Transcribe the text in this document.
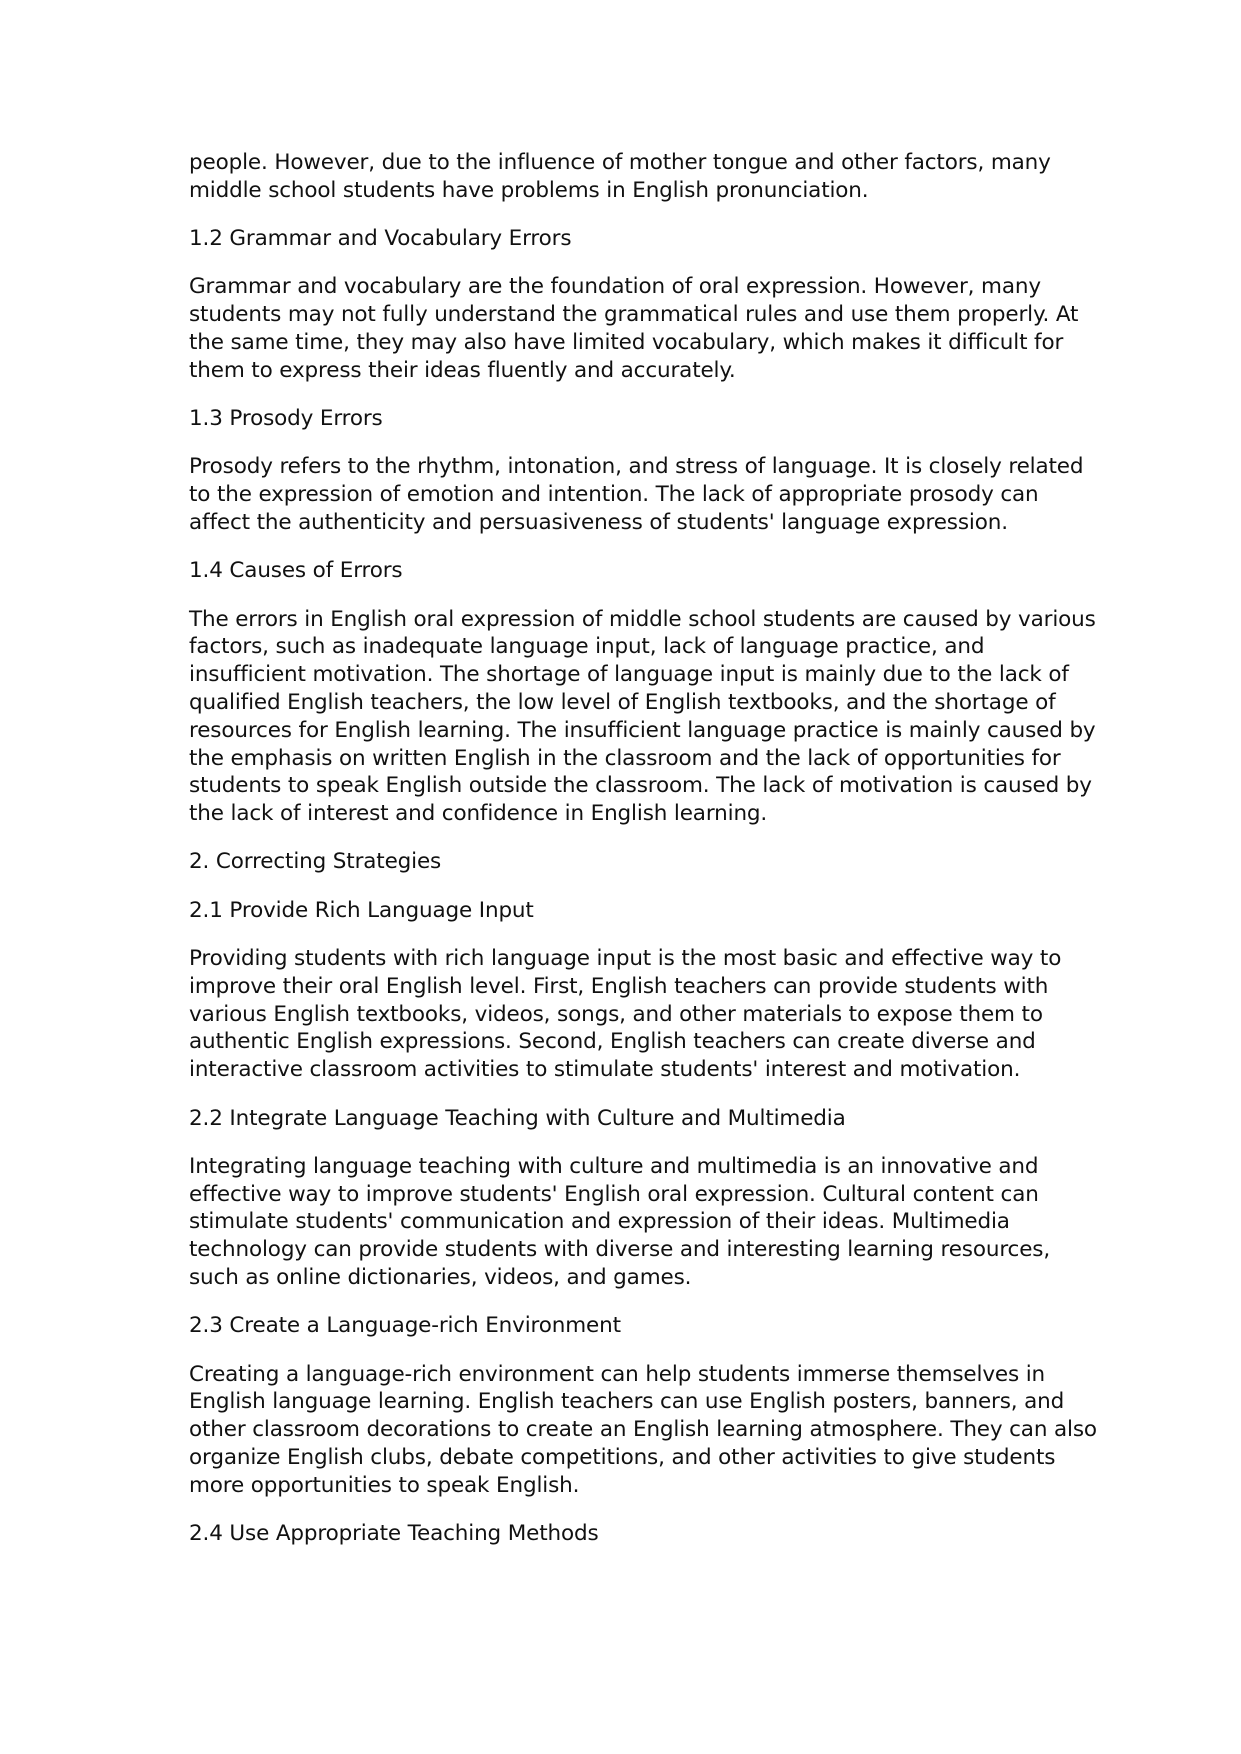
people. However, due to the influence of mother tongue and other factors, many
middle school students have problems in English pronunciation.

1.2 Grammar and Vocabulary Errors

Grammar and vocabulary are the foundation of oral expression. However, many
students may not fully understand the grammatical rules and use them properly. At
the same time, they may also have limited vocabulary, which makes it difficult for
them to express their ideas fluently and accurately.

1.3 Prosody Errors

Prosody refers to the rhythm, intonation, and stress of language. It is closely related
to the expression of emotion and intention. The lack of appropriate prosody can
affect the authenticity and persuasiveness of students' language expression.

1.4 Causes of Errors

The errors in English oral expression of middle school students are caused by various
factors, such as inadequate language input, lack of language practice, and
insufficient motivation. The shortage of language input is mainly due to the lack of
qualified English teachers, the low level of English textbooks, and the shortage of
resources for English learning. The insufficient language practice is mainly caused by
the emphasis on written English in the classroom and the lack of opportunities for
students to speak English outside the classroom. The lack of motivation is caused by
the lack of interest and confidence in English learning.

2. Correcting Strategies

2.1 Provide Rich Language Input

Providing students with rich language input is the most basic and effective way to
improve their oral English level. First, English teachers can provide students with
various English textbooks, videos, songs, and other materials to expose them to
authentic English expressions. Second, English teachers can create diverse and
interactive classroom activities to stimulate students' interest and motivation.

2.2 Integrate Language Teaching with Culture and Multimedia

Integrating language teaching with culture and multimedia is an innovative and
effective way to improve students' English oral expression. Cultural content can
stimulate students' communication and expression of their ideas. Multimedia
technology can provide students with diverse and interesting learning resources,
such as online dictionaries, videos, and games.

2.3 Create a Language-rich Environment

Creating a language-rich environment can help students immerse themselves in
English language learning. English teachers can use English posters, banners, and
other classroom decorations to create an English learning atmosphere. They can also
organize English clubs, debate competitions, and other activities to give students
more opportunities to speak English.

2.4 Use Appropriate Teaching Methods
